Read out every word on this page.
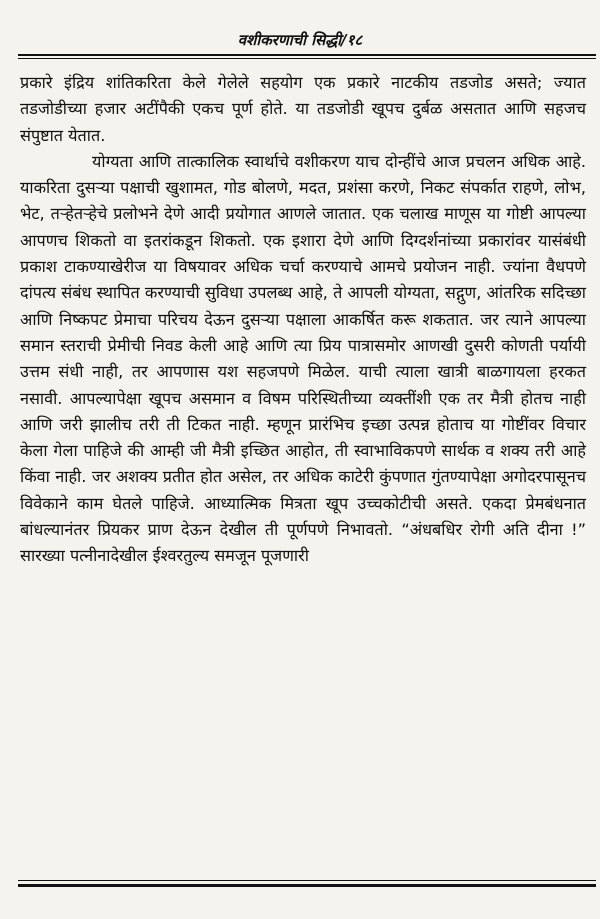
वशीकरणाची सिद्धी/१८

प्रकारे इंद्रिय शांतिकरिता केले गेलेले सहयोग एक प्रकारे नाटकीय तडजोड असते; ज्यात तडजोडीच्या हजार अटींपैकी एकच पूर्ण होते. या तडजोडी खूपच दुर्बळ असतात आणि सहजच संपुष्टात येतात.

योग्यता आणि तात्कालिक स्वार्थाचे वशीकरण याच दोन्हींचे आज प्रचलन अधिक आहे. याकरिता दुसऱ्या पक्षाची खुशामत, गोड बोलणे, मदत, प्रशंसा करणे, निकट संपर्कात राहणे, लोभ, भेट, तऱ्हेतऱ्हेचे प्रलोभने देणे आदी प्रयोगात आणले जातात. एक चलाख माणूस या गोष्टी आपल्या आपणच शिकतो वा इतरांकडून शिकतो. एक इशारा देणे आणि दिग्दर्शनांच्या प्रकारांवर यासंबंधी प्रकाश टाकण्याखेरीज या विषयावर अधिक चर्चा करण्याचे आमचे प्रयोजन नाही. ज्यांना वैधपणे दांपत्य संबंध स्थापित करण्याची सुविधा उपलब्ध आहे, ते आपली योग्यता, सद्गुण, आंतरिक सदिच्छा आणि निष्कपट प्रेमाचा परिचय देऊन दुसऱ्या पक्षाला आकर्षित करू शकतात. जर त्याने आपल्या समान स्तराची प्रेमीची निवड केली आहे आणि त्या प्रिय पात्रासमोर आणखी दुसरी कोणती पर्यायी उत्तम संधी नाही, तर आपणास यश सहजपणे मिळेल. याची त्याला खात्री बाळगायला हरकत नसावी. आपल्यापेक्षा खूपच असमान व विषम परिस्थितीच्या व्यक्तींशी एक तर मैत्री होतच नाही आणि जरी झालीच तरी ती टिकत नाही. म्हणून प्रारंभिच इच्छा उत्पन्न होताच या गोष्टींवर विचार केला गेला पाहिजे की आम्ही जी मैत्री इच्छित आहोत, ती स्वाभाविकपणे सार्थक व शक्य तरी आहे किंवा नाही. जर अशक्य प्रतीत होत असेल, तर अधिक काटेरी कुंपणात गुंतण्यापेक्षा अगोदरपासूनच विवेकाने काम घेतले पाहिजे. आध्यात्मिक मित्रता खूप उच्चकोटीची असते. एकदा प्रेमबंधनात बांधल्यानंतर प्रियकर प्राण देऊन देखील ती पूर्णपणे निभावतो. “अंधबधिर रोगी अति दीना !” सारख्या पत्नीनादेखील ईश्वरतुल्य समजून पूजणारी
